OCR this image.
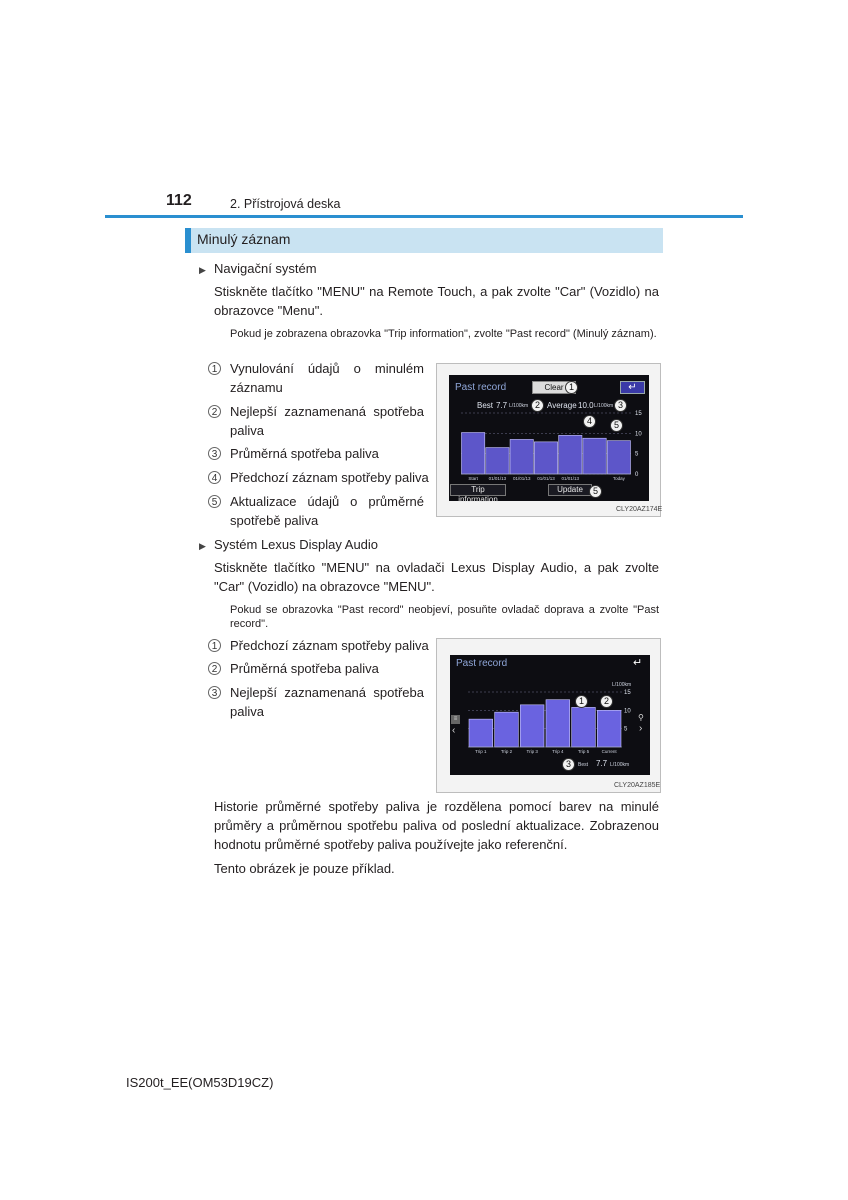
112	2. Přístrojová deska
Minulý záznam
▶ Navigační systém
Stiskněte tlačítko "MENU" na Remote Touch, a pak zvolte "Car" (Vozidlo) na obrazovce "Menu".
Pokud je zobrazena obrazovka "Trip information", zvolte "Past record" (Minulý záznam).
1 Vynulování údajů o minulém záznamu
2 Nejlepší zaznamenaná spotřeba paliva
3 Průměrná spotřeba paliva
4 Předchozí záznam spotřeby paliva
5 Aktualizace údajů o průměrné spotřebě paliva
Past record	Clear	↵
Best 7.7 L/100km Average 10.0 L/100km
15
10
5
0
Start 01/01/13 01/01/13 01/01/13 01/01/13	Today
Trip information
Update
1
2	3
4	5
5
CLY20AZ174E
▶ Systém Lexus Display Audio
Stiskněte tlačítko "MENU" na ovladači Lexus Display Audio, a pak zvolte "Car" (Vozidlo) na obrazovce "MENU".
Pokud se obrazovka "Past record" neobjeví, posuňte ovladač doprava a zvolte "Past record".
1 Předchozí záznam spotřeby paliva
2 Průměrná spotřeba paliva
3 Nejlepší zaznamenaná spotřeba paliva
Past record	↵
L/100km
15
10
5
Trip 1	Trip 2	Trip 3	Trip 4	Trip 5	Current
≡
‹
⚲
›
Best 7.7 L/100km
1	2
3
CLY20AZ185E
Historie průměrné spotřeby paliva je rozdělena pomocí barev na minulé průměry a průměrnou spotřebu paliva od poslední aktualizace. Zobrazenou hodnotu průměrné spotřeby paliva používejte jako referenční.
Tento obrázek je pouze příklad.
IS200t_EE(OM53D19CZ)
